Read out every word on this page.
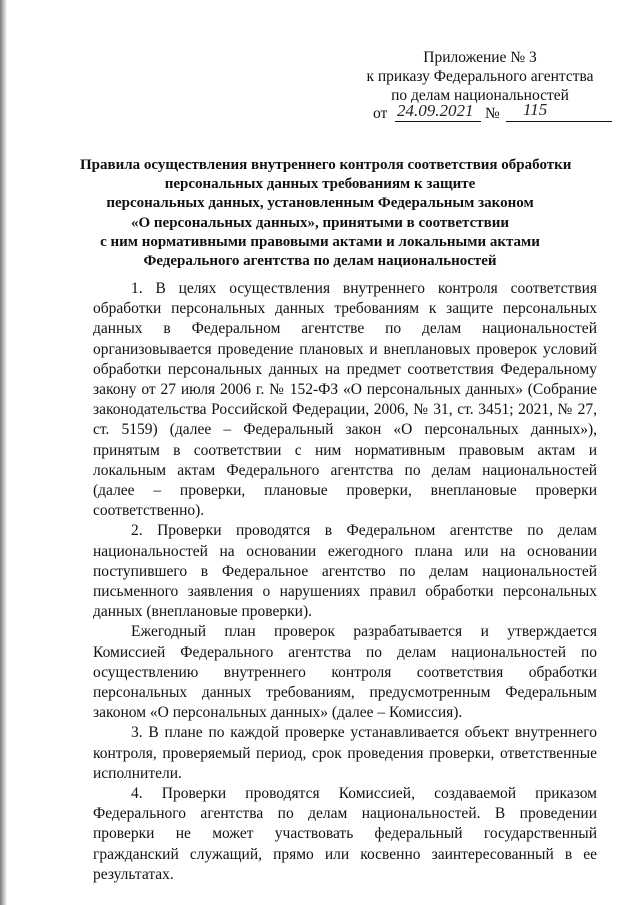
Приложение № 3
к приказу Федерального агентства
по делам национальностей
от 24.09.2021 № 115
Правила осуществления внутреннего контроля соответствия обработки
персональных данных требованиям к защите
персональных данных, установленным Федеральным законом
«О персональных данных», принятыми в соответствии
с ним нормативными правовыми актами и локальными актами
Федерального агентства по делам национальностей

1. В целях осуществления внутреннего контроля соответствия обработки персональных данных требованиям к защите персональных данных в Федеральном агентстве по делам национальностей организовывается проведение плановых и внеплановых проверок условий обработки персональных данных на предмет соответствия Федеральному закону от 27 июля 2006 г. № 152-ФЗ «О персональных данных» (Собрание законодательства Российской Федерации, 2006, № 31, ст. 3451; 2021, № 27, ст. 5159) (далее – Федеральный закон «О персональных данных»), принятым в соответствии с ним нормативным правовым актам и локальным актам Федерального агентства по делам национальностей (далее – проверки, плановые проверки, внеплановые проверки соответственно).

2. Проверки проводятся в Федеральном агентстве по делам национальностей на основании ежегодного плана или на основании поступившего в Федеральное агентство по делам национальностей письменного заявления о нарушениях правил обработки персональных данных (внеплановые проверки).

Ежегодный план проверок разрабатывается и утверждается Комиссией Федерального агентства по делам национальностей по осуществлению внутреннего контроля соответствия обработки персональных данных требованиям, предусмотренным Федеральным законом «О персональных данных» (далее – Комиссия).

3. В плане по каждой проверке устанавливается объект внутреннего контроля, проверяемый период, срок проведения проверки, ответственные исполнители.

4. Проверки проводятся Комиссией, создаваемой приказом Федерального агентства по делам национальностей. В проведении проверки не может участвовать федеральный государственный гражданский служащий, прямо или косвенно заинтересованный в ее результатах.
